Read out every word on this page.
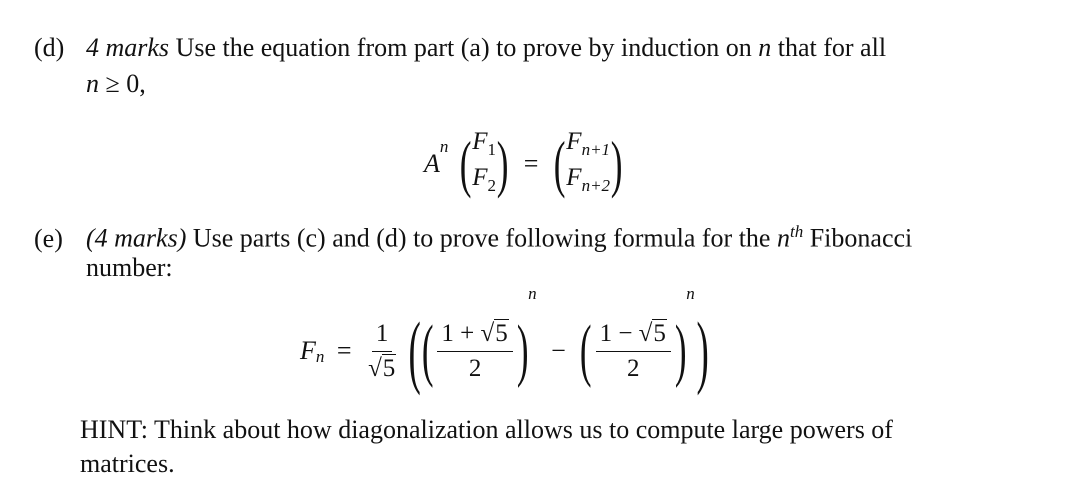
(d) 4 marks Use the equation from part (a) to prove by induction on n that for all
n ≥ 0,
$A^n$ ( $F_1$
$F_2$ ) = ( $F_{n+1}$
$F_{n+2}$ )
(e) (4 marks) Use parts (c) and (d) to prove following formula for the $n^{th}$ Fibonacci
number:
$F_n = \frac{1}{√5}$ (( $\frac{1 + √5}{2} )n$ − ( $\frac{1 - √5}{2} )n$)
HINT: Think about how diagonalization allows us to compute large powers of
matrices.
